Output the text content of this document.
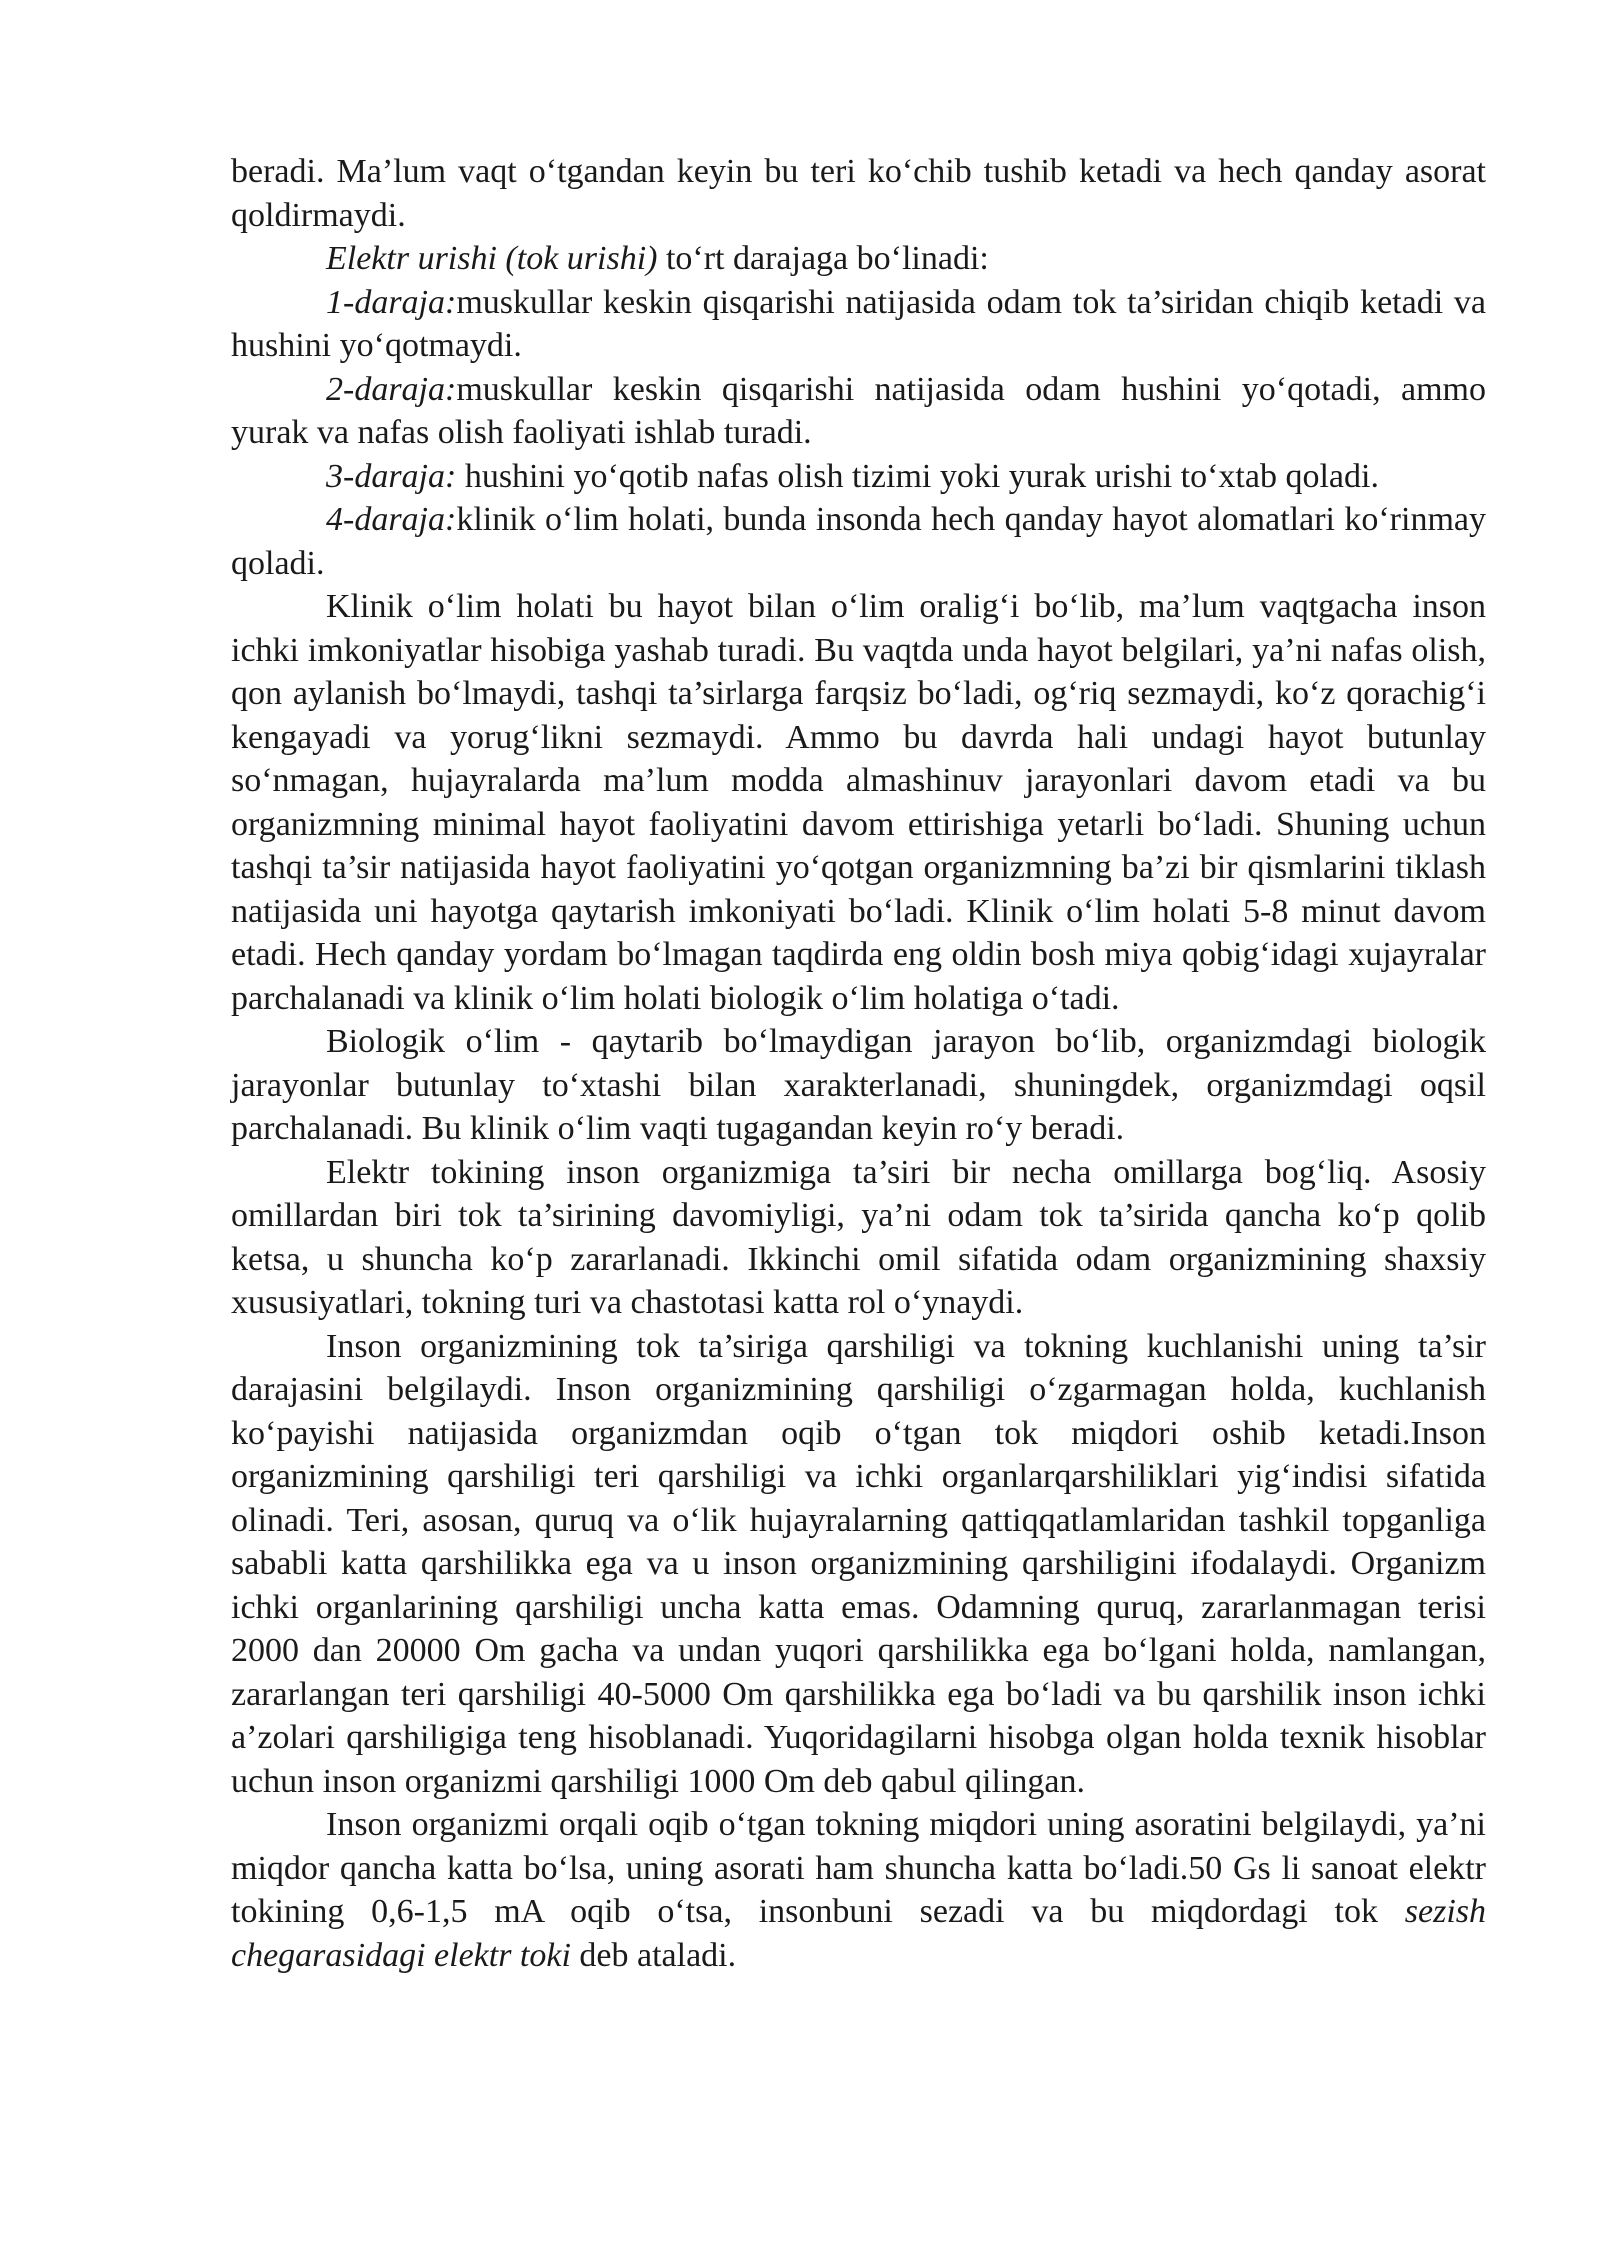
beradi. Ma’lum vaqt o‘tgandan keyin bu teri ko‘chib tushib ketadi va hech qanday asorat qoldirmaydi.

Elektr urishi (tok urishi) to‘rt darajaga bo‘linadi:

1-daraja:muskullar keskin qisqarishi natijasida odam tok ta’siridan chiqib ketadi va hushini yo‘qotmaydi.

2-daraja:muskullar keskin qisqarishi natijasida odam hushini yo‘qotadi, ammo yurak va nafas olish faoliyati ishlab turadi.

3-daraja: hushini yo‘qotib nafas olish tizimi yoki yurak urishi to‘xtab qoladi.

4-daraja:klinik o‘lim holati, bunda insonda hech qanday hayot alomatlari ko‘rinmay qoladi.

Klinik o‘lim holati bu hayot bilan o‘lim oralig‘i bo‘lib, ma’lum vaqtgacha inson ichki imkoniyatlar hisobiga yashab turadi. Bu vaqtda unda hayot belgilari, ya’ni nafas olish, qon aylanish bo‘lmaydi, tashqi ta’sirlarga farqsiz bo‘ladi, og‘riq sezmaydi, ko‘z qorachig‘i kengayadi va yorug‘likni sezmaydi. Ammo bu davrda hali undagi hayot butunlay so‘nmagan, hujayralarda ma’lum modda almashinuv jarayonlari davom etadi va bu organizmning minimal hayot faoliyatini davom ettirishiga yetarli bo‘ladi. Shuning uchun tashqi ta’sir natijasida hayot faoliyatini yo‘qotgan organizmning ba’zi bir qismlarini tiklash natijasida uni hayotga qaytarish imkoniyati bo‘ladi. Klinik o‘lim holati 5-8 minut davom etadi. Hech qanday yordam bo‘lmagan taqdirda eng oldin bosh miya qobig‘idagi xujayralar parchalanadi va klinik o‘lim holati biologik o‘lim holatiga o‘tadi.

Biologik o‘lim - qaytarib bo‘lmaydigan jarayon bo‘lib, organizmdagi biologik jarayonlar butunlay to‘xtashi bilan xarakterlanadi, shuningdek, organizmdagi oqsil parchalanadi. Bu klinik o‘lim vaqti tugagandan keyin ro‘y beradi.

Elektr tokining inson organizmiga ta’siri bir necha omillarga bog‘liq. Asosiy omillardan biri tok ta’sirining davomiyligi, ya’ni odam tok ta’sirida qancha ko‘p qolib ketsa, u shuncha ko‘p zararlanadi. Ikkinchi omil sifatida odam organizmining shaxsiy xususiyatlari, tokning turi va chastotasi katta rol o‘ynaydi.

Inson organizmining tok ta’siriga qarshiligi va tokning kuchlanishi uning ta’sir darajasini belgilaydi. Inson organizmining qarshiligi o‘zgarmagan holda, kuchlanish ko‘payishi natijasida organizmdan oqib o‘tgan tok miqdori oshib ketadi.Inson organizmining qarshiligi teri qarshiligi va ichki organlarqarshiliklari yig‘indisi sifatida olinadi. Teri, asosan, quruq va o‘lik hujayralarning qattiqqatlamlaridan tashkil topganliga sababli katta qarshilikka ega va u inson organizmining qarshiligini ifodalaydi. Organizm ichki organlarining qarshiligi uncha katta emas. Odamning quruq, zararlanmagan terisi 2000 dan 20000 Om gacha va undan yuqori qarshilikka ega bo‘lgani holda, namlangan, zararlangan teri qarshiligi 40-5000 Om qarshilikka ega bo‘ladi va bu qarshilik inson ichki a’zolari qarshiligiga teng hisoblanadi. Yuqoridagilarni hisobga olgan holda texnik hisoblar uchun inson organizmi qarshiligi 1000 Om deb qabul qilingan.

Inson organizmi orqali oqib o‘tgan tokning miqdori uning asoratini belgilaydi, ya’ni miqdor qancha katta bo‘lsa, uning asorati ham shuncha katta bo‘ladi.50 Gs li sanoat elektr tokining 0,6-1,5 mA oqib o‘tsa, insonbuni sezadi va bu miqdordagi tok sezish chegarasidagi elektr toki deb ataladi.
